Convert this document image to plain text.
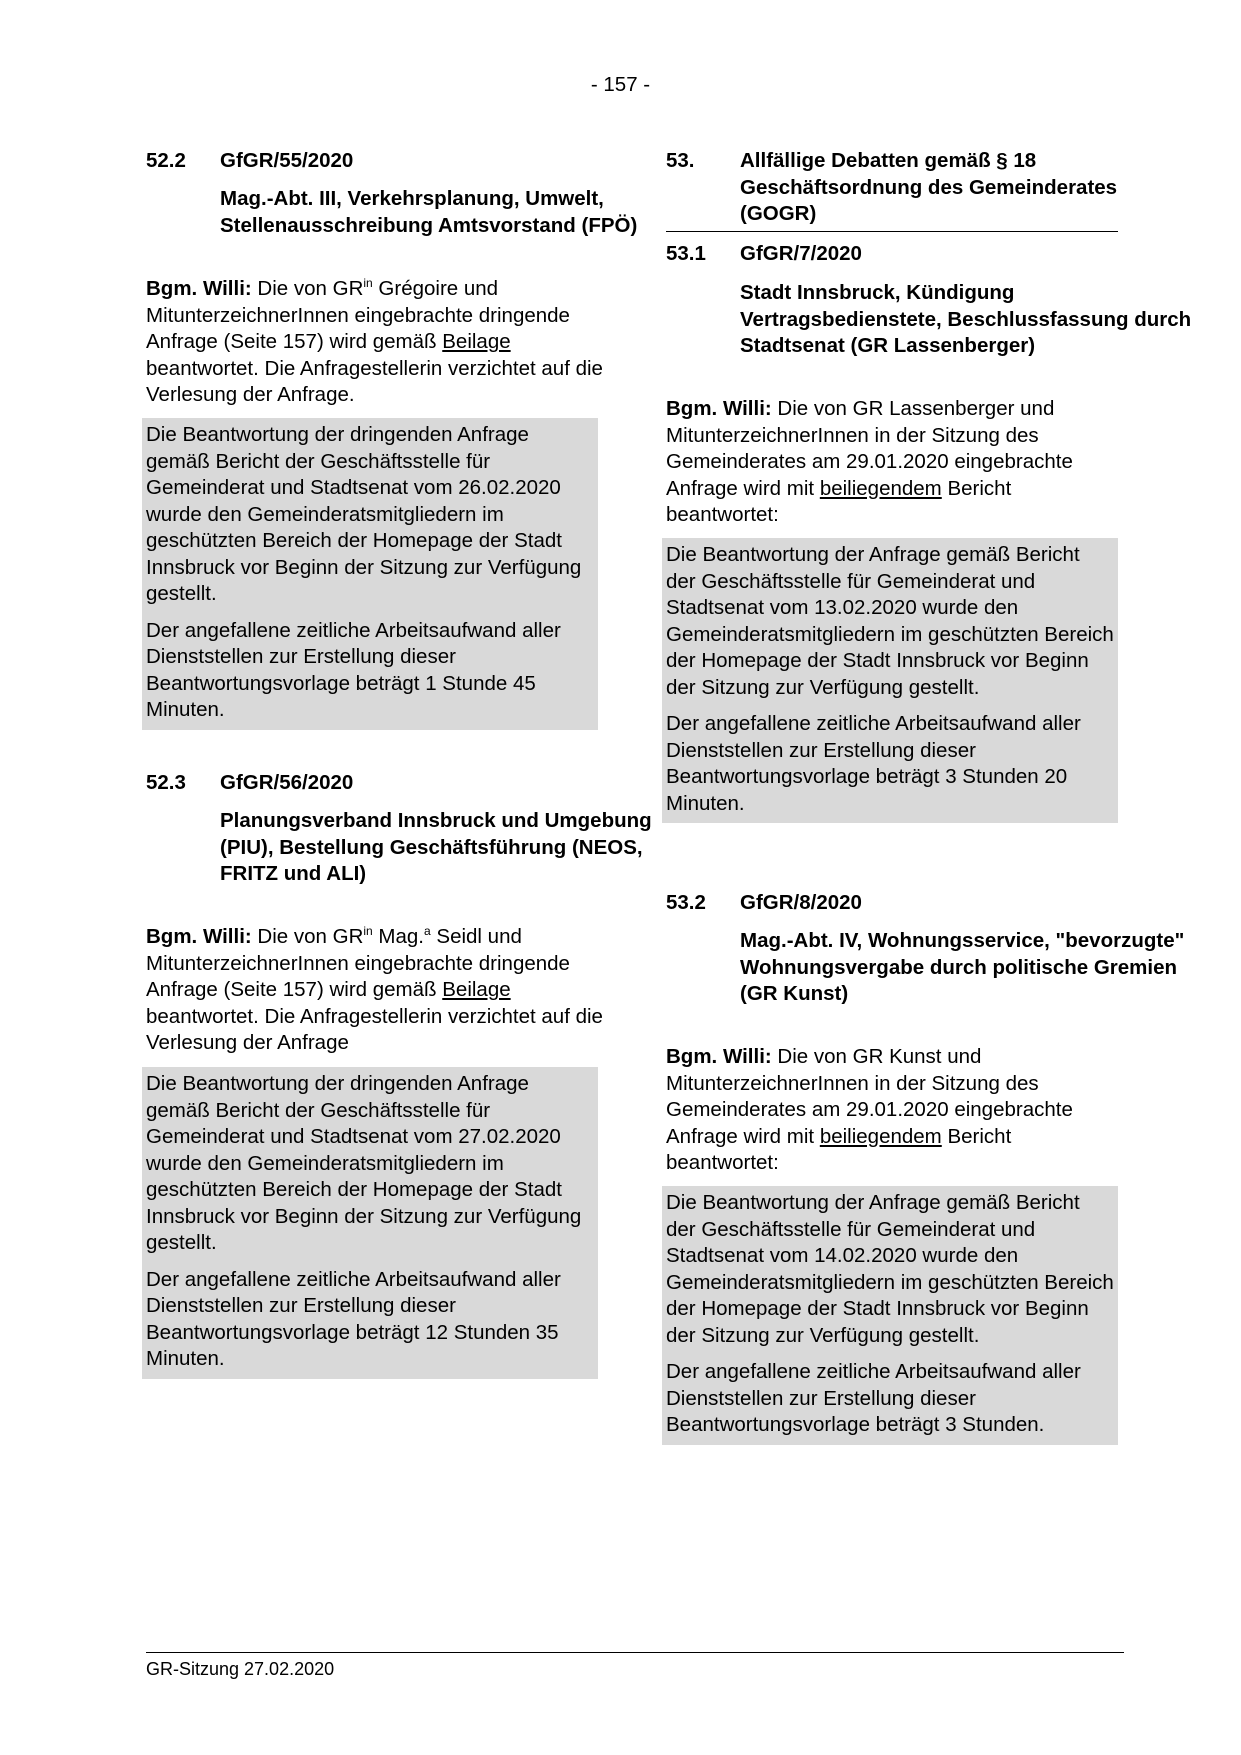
- 157 -
52.2	GfGR/55/2020
Mag.-Abt. III, Verkehrsplanung, Umwelt, Stellenausschreibung Amtsvorstand (FPÖ)

Bgm. Willi: Die von $GR^{in}$ Grégoire und MitunterzeichnerInnen eingebrachte dringende Anfrage (Seite 157) wird gemäß Beilage beantwortet. Die Anfragestellerin verzichtet auf die Verlesung der Anfrage.

Die Beantwortung der dringenden Anfrage gemäß Bericht der Geschäftsstelle für Gemeinderat und Stadtsenat vom 26.02.2020 wurde den Gemeinderatsmitgliedern im geschützten Bereich der Homepage der Stadt Innsbruck vor Beginn der Sitzung zur Verfügung gestellt.

Der angefallene zeitliche Arbeitsaufwand aller Dienststellen zur Erstellung dieser Beantwortungsvorlage beträgt 1 Stunde 45 Minuten.

52.3	GfGR/56/2020
Planungsverband Innsbruck und Umgebung (PIU), Bestellung Geschäftsführung (NEOS, FRITZ und ALI)

Bgm. Willi: Die von $GR^{in}$ Mag.$^a$ Seidl und MitunterzeichnerInnen eingebrachte dringende Anfrage (Seite 157) wird gemäß Beilage beantwortet. Die Anfragestellerin verzichtet auf die Verlesung der Anfrage

Die Beantwortung der dringenden Anfrage gemäß Bericht der Geschäftsstelle für Gemeinderat und Stadtsenat vom 27.02.2020 wurde den Gemeinderatsmitgliedern im geschützten Bereich der Homepage der Stadt Innsbruck vor Beginn der Sitzung zur Verfügung gestellt.

Der angefallene zeitliche Arbeitsaufwand aller Dienststellen zur Erstellung dieser Beantwortungsvorlage beträgt 12 Stunden 35 Minuten.

53.	Allfällige Debatten gemäß § 18 Geschäftsordnung des Gemeinderates (GOGR)
53.1	GfGR/7/2020
Stadt Innsbruck, Kündigung Vertragsbedienstete, Beschlussfassung durch Stadtsenat (GR Lassenberger)

Bgm. Willi: Die von GR Lassenberger und MitunterzeichnerInnen in der Sitzung des Gemeinderates am 29.01.2020 eingebrachte Anfrage wird mit beiliegendem Bericht beantwortet:

Die Beantwortung der Anfrage gemäß Bericht der Geschäftsstelle für Gemeinderat und Stadtsenat vom 13.02.2020 wurde den Gemeinderatsmitgliedern im geschützten Bereich der Homepage der Stadt Innsbruck vor Beginn der Sitzung zur Verfügung gestellt.

Der angefallene zeitliche Arbeitsaufwand aller Dienststellen zur Erstellung dieser Beantwortungsvorlage beträgt 3 Stunden 20 Minuten.

53.2	GfGR/8/2020
Mag.-Abt. IV, Wohnungsservice, "bevorzugte" Wohnungsvergabe durch politische Gremien (GR Kunst)

Bgm. Willi: Die von GR Kunst und MitunterzeichnerInnen in der Sitzung des Gemeinderates am 29.01.2020 eingebrachte Anfrage wird mit beiliegendem Bericht beantwortet:

Die Beantwortung der Anfrage gemäß Bericht der Geschäftsstelle für Gemeinderat und Stadtsenat vom 14.02.2020 wurde den Gemeinderatsmitgliedern im geschützten Bereich der Homepage der Stadt Innsbruck vor Beginn der Sitzung zur Verfügung gestellt.

Der angefallene zeitliche Arbeitsaufwand aller Dienststellen zur Erstellung dieser Beantwortungsvorlage beträgt 3 Stunden.

GR-Sitzung 27.02.2020
